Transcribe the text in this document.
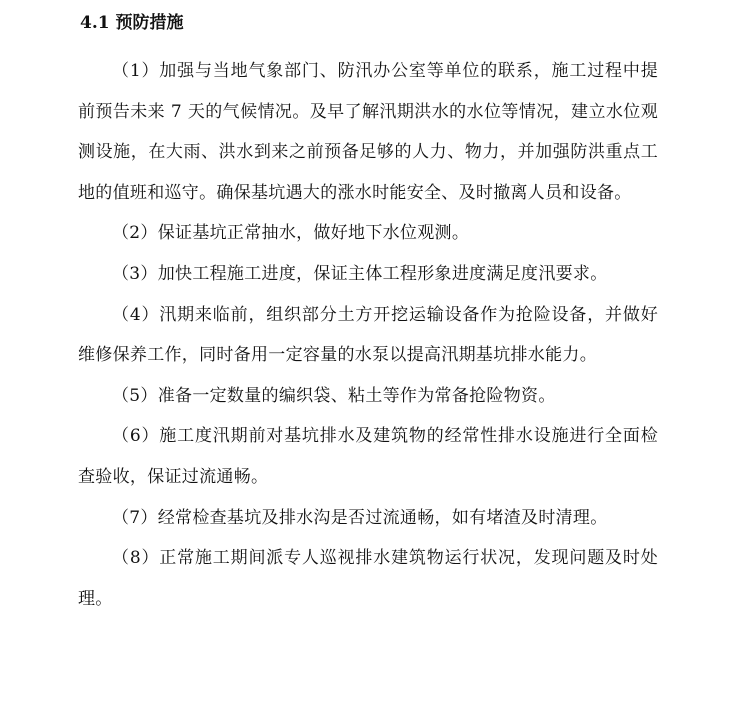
4.1 预防措施

（1）加强与当地气象部门、防汛办公室等单位的联系，施工过程中提前预告未来 7 天的气候情况。及早了解汛期洪水的水位等情况，建立水位观测设施，在大雨、洪水到来之前预备足够的人力、物力，并加强防洪重点工地的值班和巡守。确保基坑遇大的涨水时能安全、及时撤离人员和设备。

（2）保证基坑正常抽水，做好地下水位观测。

（3）加快工程施工进度，保证主体工程形象进度满足度汛要求。

（4）汛期来临前，组织部分土方开挖运输设备作为抢险设备，并做好维修保养工作，同时备用一定容量的水泵以提高汛期基坑排水能力。

（5）准备一定数量的编织袋、粘土等作为常备抢险物资。

（6）施工度汛期前对基坑排水及建筑物的经常性排水设施进行全面检查验收，保证过流通畅。

（7）经常检查基坑及排水沟是否过流通畅，如有堵渣及时清理。

（8）正常施工期间派专人巡视排水建筑物运行状况，发现问题及时处理。
